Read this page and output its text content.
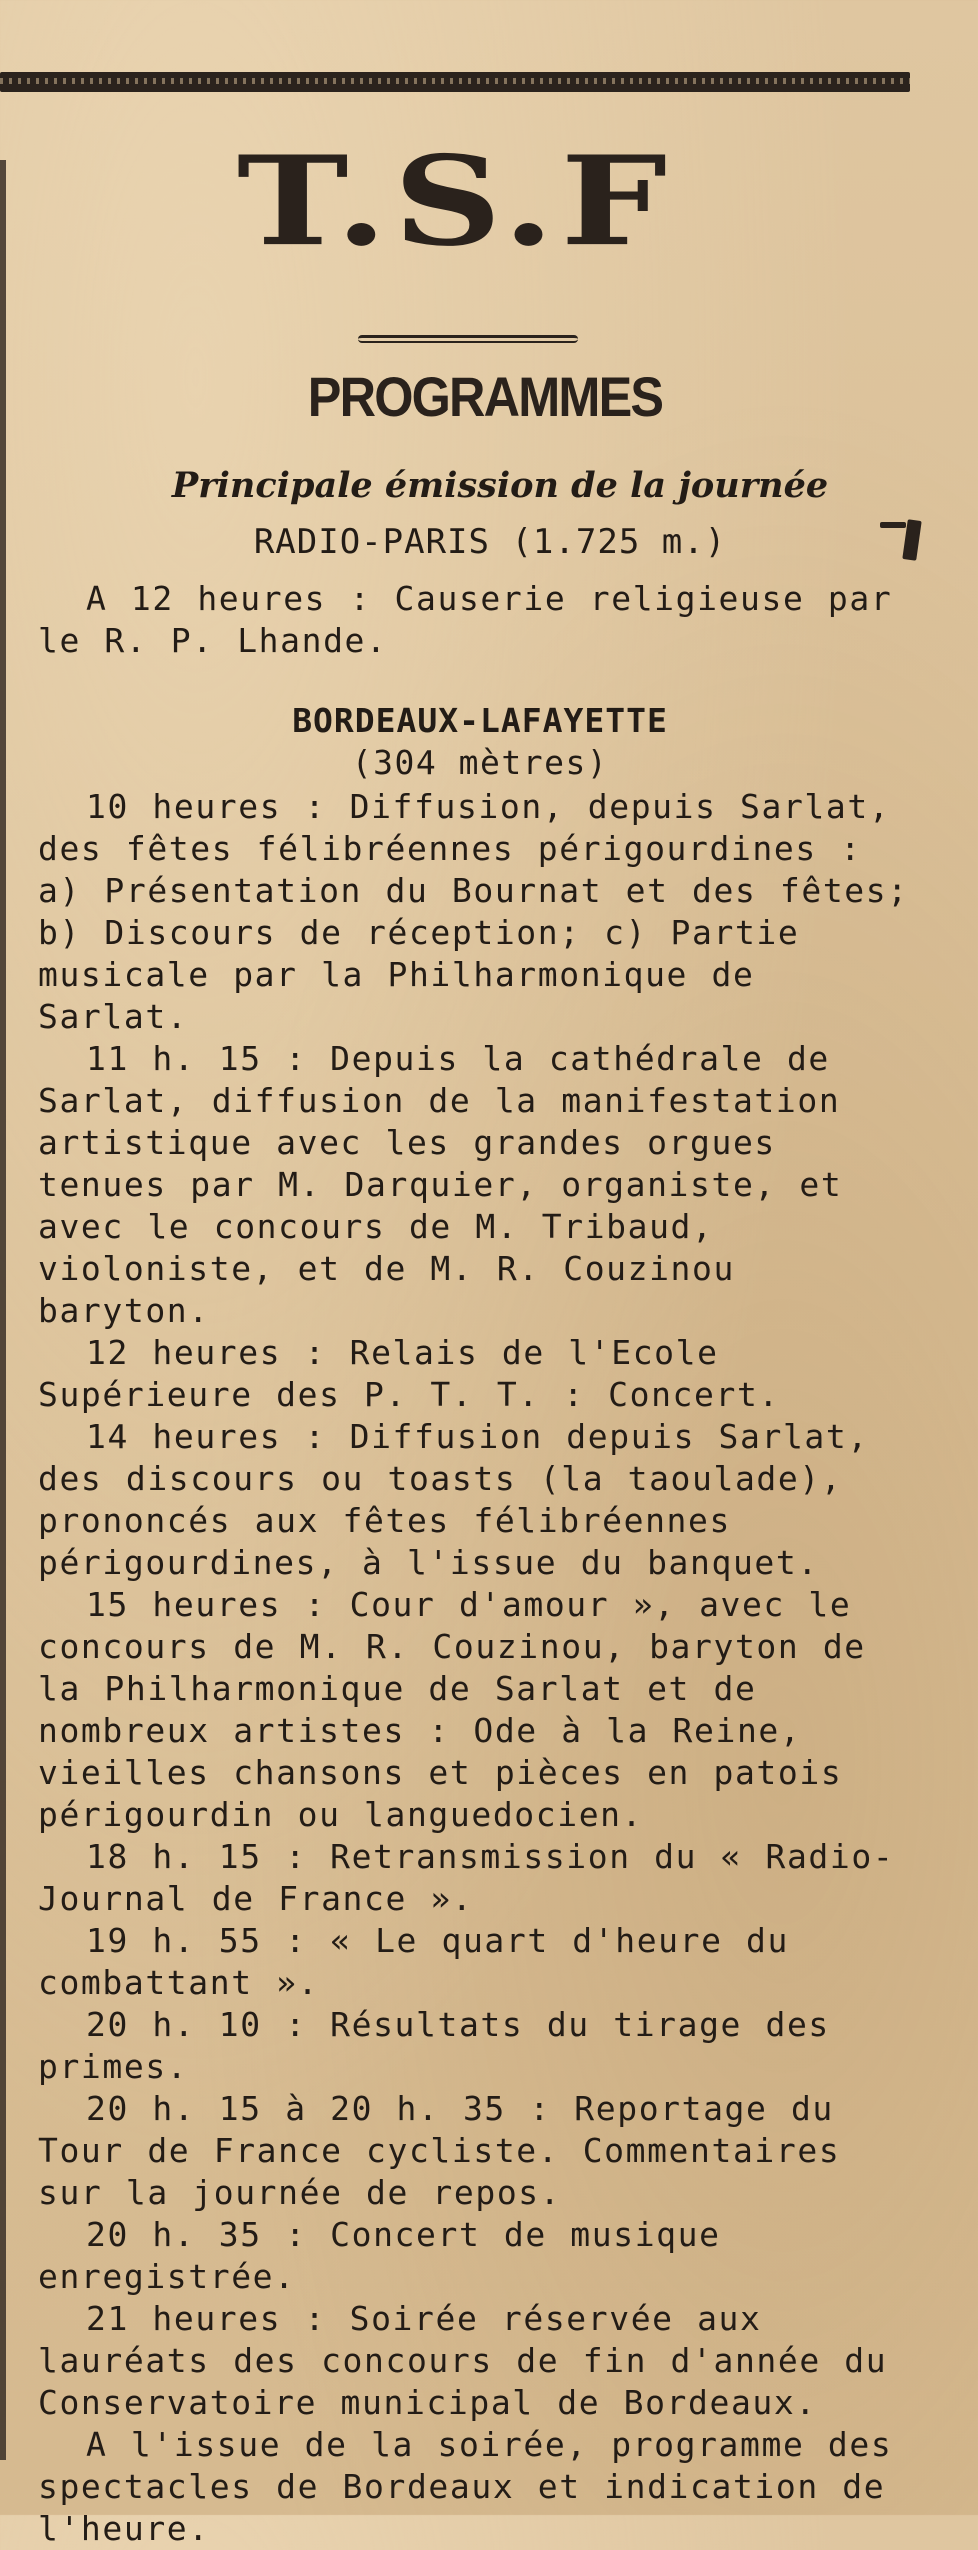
T.S.F
PROGRAMMES
Principale émission de la journée
RADIO-PARIS (1.725 m.)

A 12 heures : Causerie religieuse par le R. P. Lhande.

BORDEAUX-LAFAYETTE
(304 mètres)

10 heures : Diffusion, depuis Sarlat, des fêtes félibréennes périgourdines : a) Présentation du Bournat et des fêtes; b) Discours de réception; c) Partie musicale par la Philharmonique de Sarlat.

11 h. 15 : Depuis la cathédrale de Sarlat, diffusion de la manifestation artistique avec les grandes orgues tenues par M. Darquier, organiste, et avec le concours de M. Tribaud, violoniste, et de M. R. Couzinou baryton.

12 heures : Relais de l'Ecole Supérieure des P. T. T. : Concert.

14 heures : Diffusion depuis Sarlat, des discours ou toasts (la taoulade), prononcés aux fêtes félibréennes périgourdines, à l'issue du banquet.

15 heures : Cour d'amour », avec le concours de M. R. Couzinou, baryton de la Philharmonique de Sarlat et de nombreux artistes : Ode à la Reine, vieilles chansons et pièces en patois périgourdin ou languedocien.

18 h. 15 : Retransmission du « Radio-Journal de France ».

19 h. 55 : « Le quart d'heure du combattant ».

20 h. 10 : Résultats du tirage des primes.

20 h. 15 à 20 h. 35 : Reportage du Tour de France cycliste. Commentaires sur la journée de repos.

20 h. 35 : Concert de musique enregistrée.

21 heures : Soirée réservée aux lauréats des concours de fin d'année du Conservatoire municipal de Bordeaux.

A l'issue de la soirée, programme des spectacles de Bordeaux et indication de l'heure.
